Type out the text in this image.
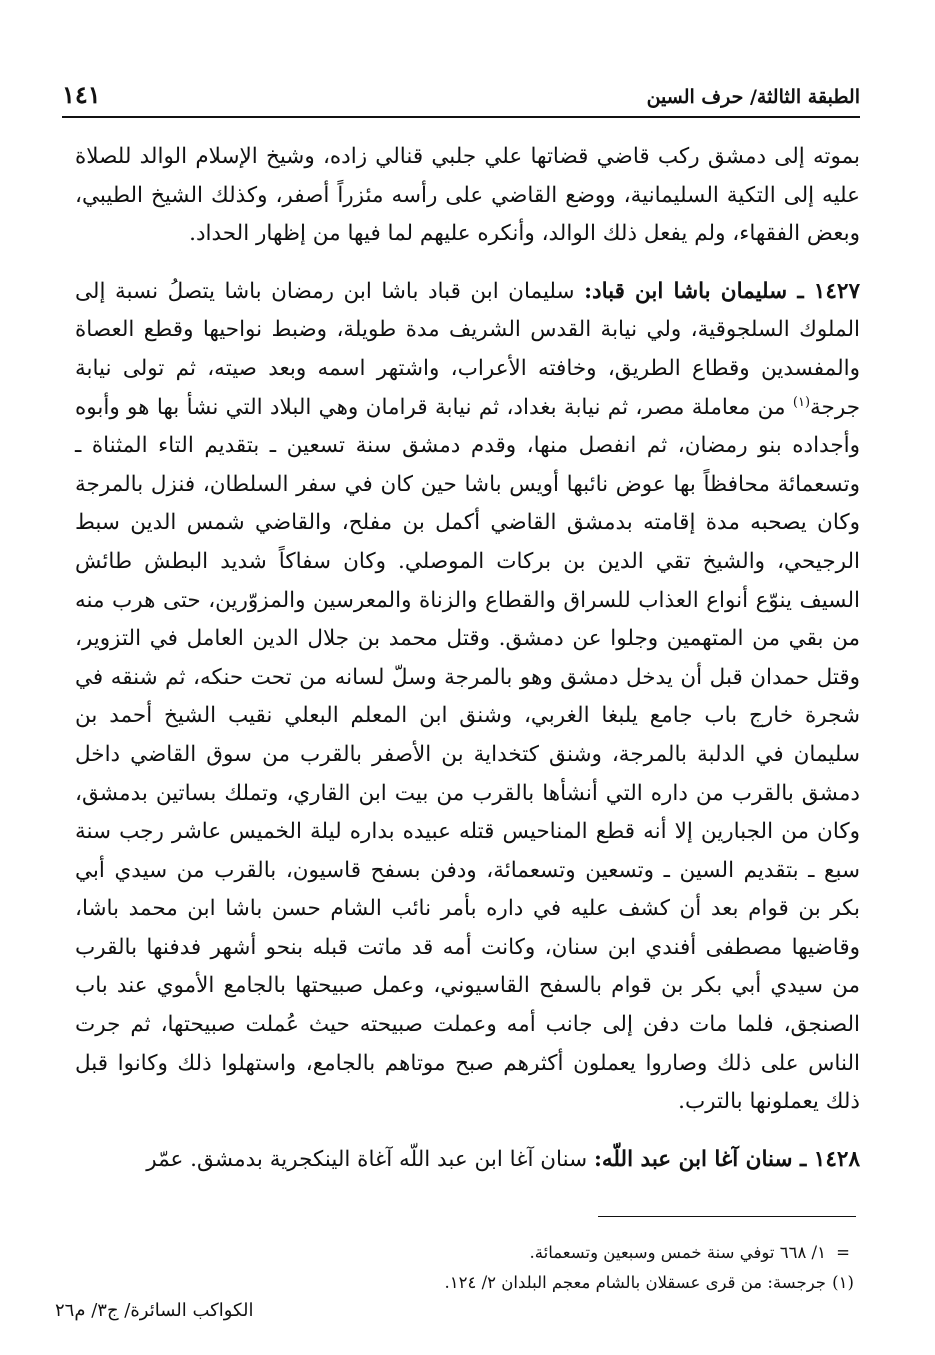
الطبقة الثالثة/ حرف السين
١٤١

بموته إلى دمشق ركب قاضي قضاتها علي جلبي قنالي زاده، وشيخ الإسلام الوالد للصلاة عليه إلى التكية السليمانية، ووضع القاضي على رأسه مئزراً أصفر، وكذلك الشيخ الطيبي، وبعض الفقهاء، ولم يفعل ذلك الوالد، وأنكره عليهم لما فيها من إظهار الحداد.

١٤٢٧ ـ سليمان باشا ابن قباد: سليمان ابن قباد باشا ابن رمضان باشا يتصلُ نسبة إلى الملوك السلجوقية، ولي نيابة القدس الشريف مدة طويلة، وضبط نواحيها وقطع العصاة والمفسدين وقطاع الطريق، وخافته الأعراب، واشتهر اسمه وبعد صيته، ثم تولى نيابة جرجة$^{(١)}$ من معاملة مصر، ثم نيابة بغداد، ثم نيابة قرامان وهي البلاد التي نشأ بها هو وأبوه وأجداده بنو رمضان، ثم انفصل منها، وقدم دمشق سنة تسعين ـ بتقديم التاء المثناة ـ وتسعمائة محافظاً بها عوض نائبها أويس باشا حين كان في سفر السلطان، فنزل بالمرجة وكان يصحبه مدة إقامته بدمشق القاضي أكمل بن مفلح، والقاضي شمس الدين سبط الرجيحي، والشيخ تقي الدين بن بركات الموصلي. وكان سفاكاً شديد البطش طائش السيف ينوّع أنواع العذاب للسراق والقطاع والزناة والمعرسين والمزوّرين، حتى هرب منه من بقي من المتهمين وجلوا عن دمشق. وقتل محمد بن جلال الدين العامل في التزوير، وقتل حمدان قبل أن يدخل دمشق وهو بالمرجة وسلّ لسانه من تحت حنكه، ثم شنقه في شجرة خارج باب جامع يلبغا الغربي، وشنق ابن المعلم البعلي نقيب الشيخ أحمد بن سليمان في الدلبة بالمرجة، وشنق كتخداية بن الأصفر بالقرب من سوق القاضي داخل دمشق بالقرب من داره التي أنشأها بالقرب من بيت ابن القاري، وتملك بساتين بدمشق، وكان من الجبارين إلا أنه قطع المناحيس قتله عبيده بداره ليلة الخميس عاشر رجب سنة سبع ـ بتقديم السين ـ وتسعين وتسعمائة، ودفن بسفح قاسيون، بالقرب من سيدي أبي بكر بن قوام بعد أن كشف عليه في داره بأمر نائب الشام حسن باشا ابن محمد باشا، وقاضيها مصطفى أفندي ابن سنان، وكانت أمه قد ماتت قبله بنحو أشهر فدفنها بالقرب من سيدي أبي بكر بن قوام بالسفح القاسيوني، وعمل صبيحتها بالجامع الأموي عند باب الصنجق، فلما مات دفن إلى جانب أمه وعملت صبيحته حيث عُملت صبيحتها، ثم جرت الناس على ذلك وصاروا يعملون أكثرهم صبح موتاهم بالجامع، واستهلوا ذلك وكانوا قبل ذلك يعملونها بالترب.

١٤٢٨ ـ سنان آغا ابن عبد اللّه: سنان آغا ابن عبد اللّه آغاة الينكجرية بدمشق. عمّر

=
١/ ٦٦٨ توفي سنة خمس وسبعين وتسعمائة.
(١)
جرجسة: من قرى عسقلان بالشام معجم البلدان ٢/ ١٢٤.
الكواكب السائرة/ ج٣/ م٢٦
